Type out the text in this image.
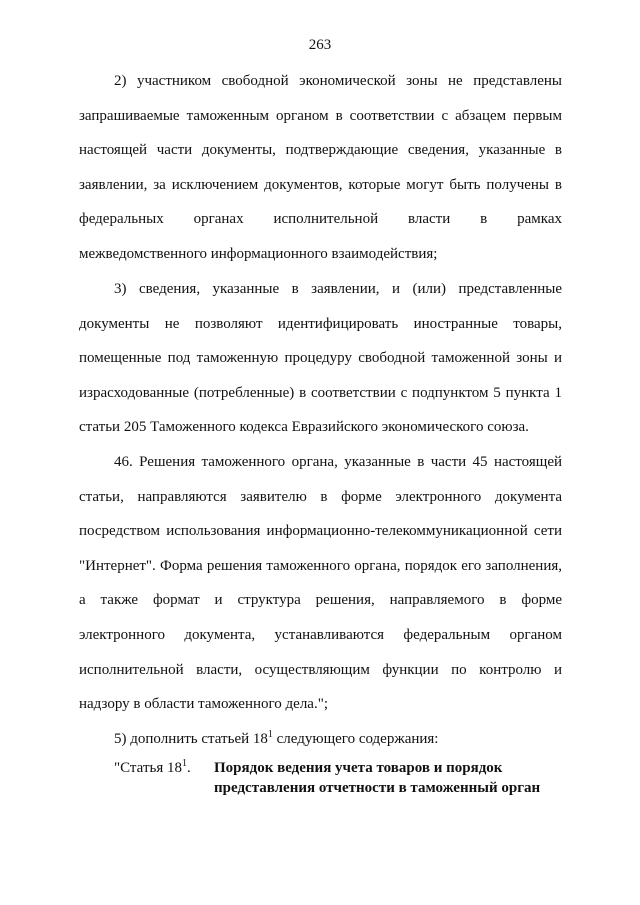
263
2) участником свободной экономической зоны не представлены запрашиваемые таможенным органом в соответствии с абзацем первым настоящей части документы, подтверждающие сведения, указанные в заявлении, за исключением документов, которые могут быть получены в федеральных органах исполнительной власти в рамках межведомственного информационного взаимодействия;
3) сведения, указанные в заявлении, и (или) представленные документы не позволяют идентифицировать иностранные товары, помещенные под таможенную процедуру свободной таможенной зоны и израсходованные (потребленные) в соответствии с подпунктом 5 пункта 1 статьи 205 Таможенного кодекса Евразийского экономического союза.
46. Решения таможенного органа, указанные в части 45 настоящей статьи, направляются заявителю в форме электронного документа посредством использования информационно-телекоммуникационной сети "Интернет". Форма решения таможенного органа, порядок его заполнения, а также формат и структура решения, направляемого в форме электронного документа, устанавливаются федеральным органом исполнительной власти, осуществляющим функции по контролю и надзору в области таможенного дела.";
5) дополнить статьей $18^1$ следующего содержания:
"Статья $18^1$. Порядок ведения учета товаров и порядок представления отчетности в таможенный орган
